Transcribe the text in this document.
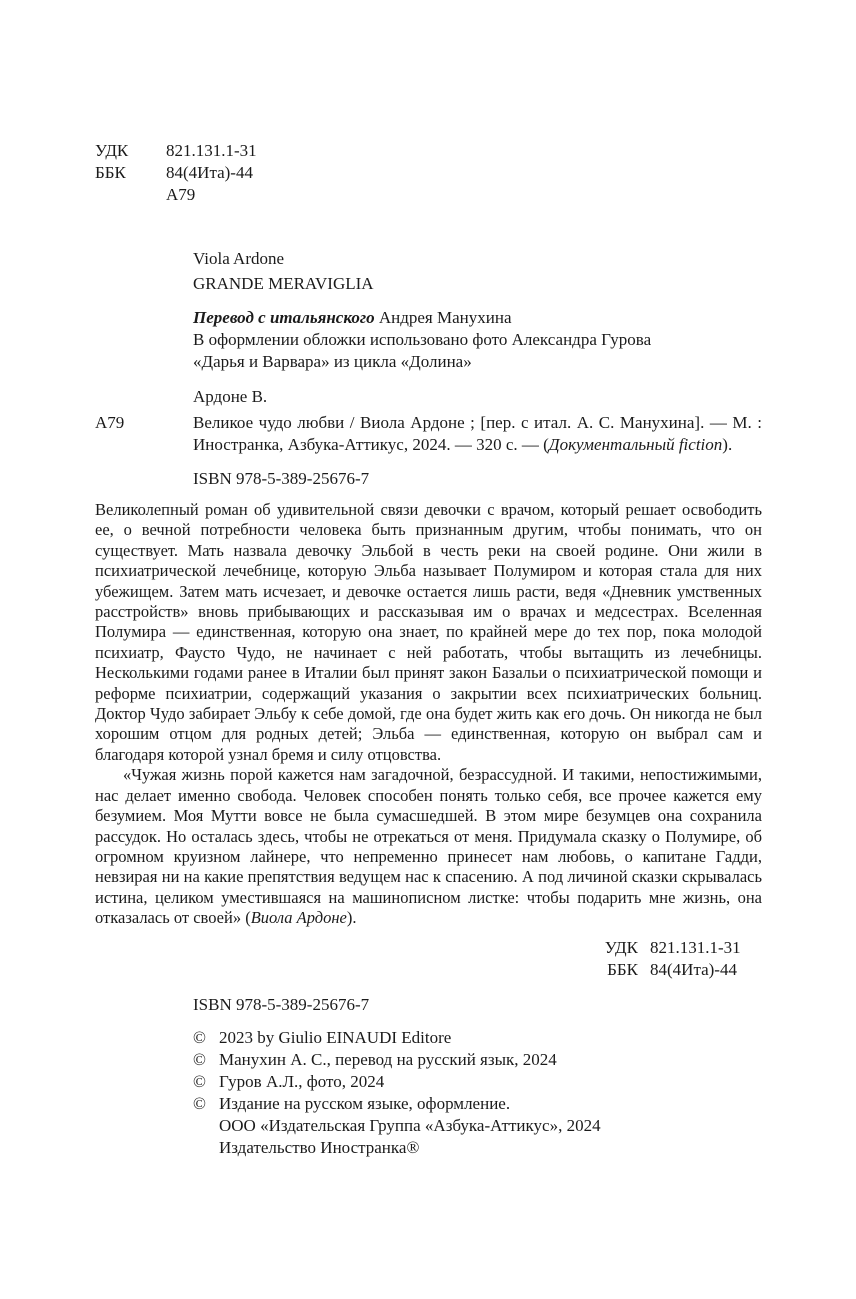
УДК 821.131.1-31
ББК 84(4Ита)-44
А79
Viola Ardone
GRANDE MERAVIGLIA
Перевод с итальянского Андрея Манухина
В оформлении обложки использовано фото Александра Гурова
«Дарья и Варвара» из цикла «Долина»
Ардоне В.
А79	Великое чудо любви / Виола Ардоне ; [пер. с итал. А. С. Манухина]. — М. : Иностранка, Азбука-Аттикус, 2024. — 320 с. — (Документальный fiction).
ISBN 978-5-389-25676-7

Великолепный роман об удивительной связи девочки с врачом, который решает освободить ее, о вечной потребности человека быть признанным другим, чтобы понимать, что он существует. Мать назвала девочку Эльбой в честь реки на своей родине. Они жили в психиатрической лечебнице, которую Эльба называет Полумиром и которая стала для них убежищем. Затем мать исчезает, и девочке остается лишь расти, ведя «Дневник умственных расстройств» вновь прибывающих и рассказывая им о врачах и медсестрах. Вселенная Полумира — единственная, которую она знает, по крайней мере до тех пор, пока молодой психиатр, Фаусто Чудо, не начинает с ней работать, чтобы вытащить из лечебницы. Несколькими годами ранее в Италии был принят закон Базальи о психиатрической помощи и реформе психиатрии, содержащий указания о закрытии всех психиатрических больниц. Доктор Чудо забирает Эльбу к себе домой, где она будет жить как его дочь. Он никогда не был хорошим отцом для родных детей; Эльба — единственная, которую он выбрал сам и благодаря которой узнал бремя и силу отцовства.

«Чужая жизнь порой кажется нам загадочной, безрассудной. И такими, непостижимыми, нас делает именно свобода. Человек способен понять только себя, все прочее кажется ему безумием. Моя Мутти вовсе не была сумасшедшей. В этом мире безумцев она сохранила рассудок. Но осталась здесь, чтобы не отрекаться от меня. Придумала сказку о Полумире, об огромном круизном лайнере, что непременно принесет нам любовь, о капитане Гадди, невзирая ни на какие препятствия ведущем нас к спасению. А под личиной сказки скрывалась истина, целиком уместившаяся на машинописном листке: чтобы подарить мне жизнь, она отказалась от своей» (Виола Ардоне).

УДК 821.131.1-31
ББК 84(4Ита)-44
ISBN 978-5-389-25676-7
© 2023 by Giulio EINAUDI Editore
© Манухин А. С., перевод на русский язык, 2024
© Гуров А.Л., фото, 2024
© Издание на русском языке, оформление.
ООО «Издательская Группа «Азбука-Аттикус», 2024
Издательство Иностранка®
